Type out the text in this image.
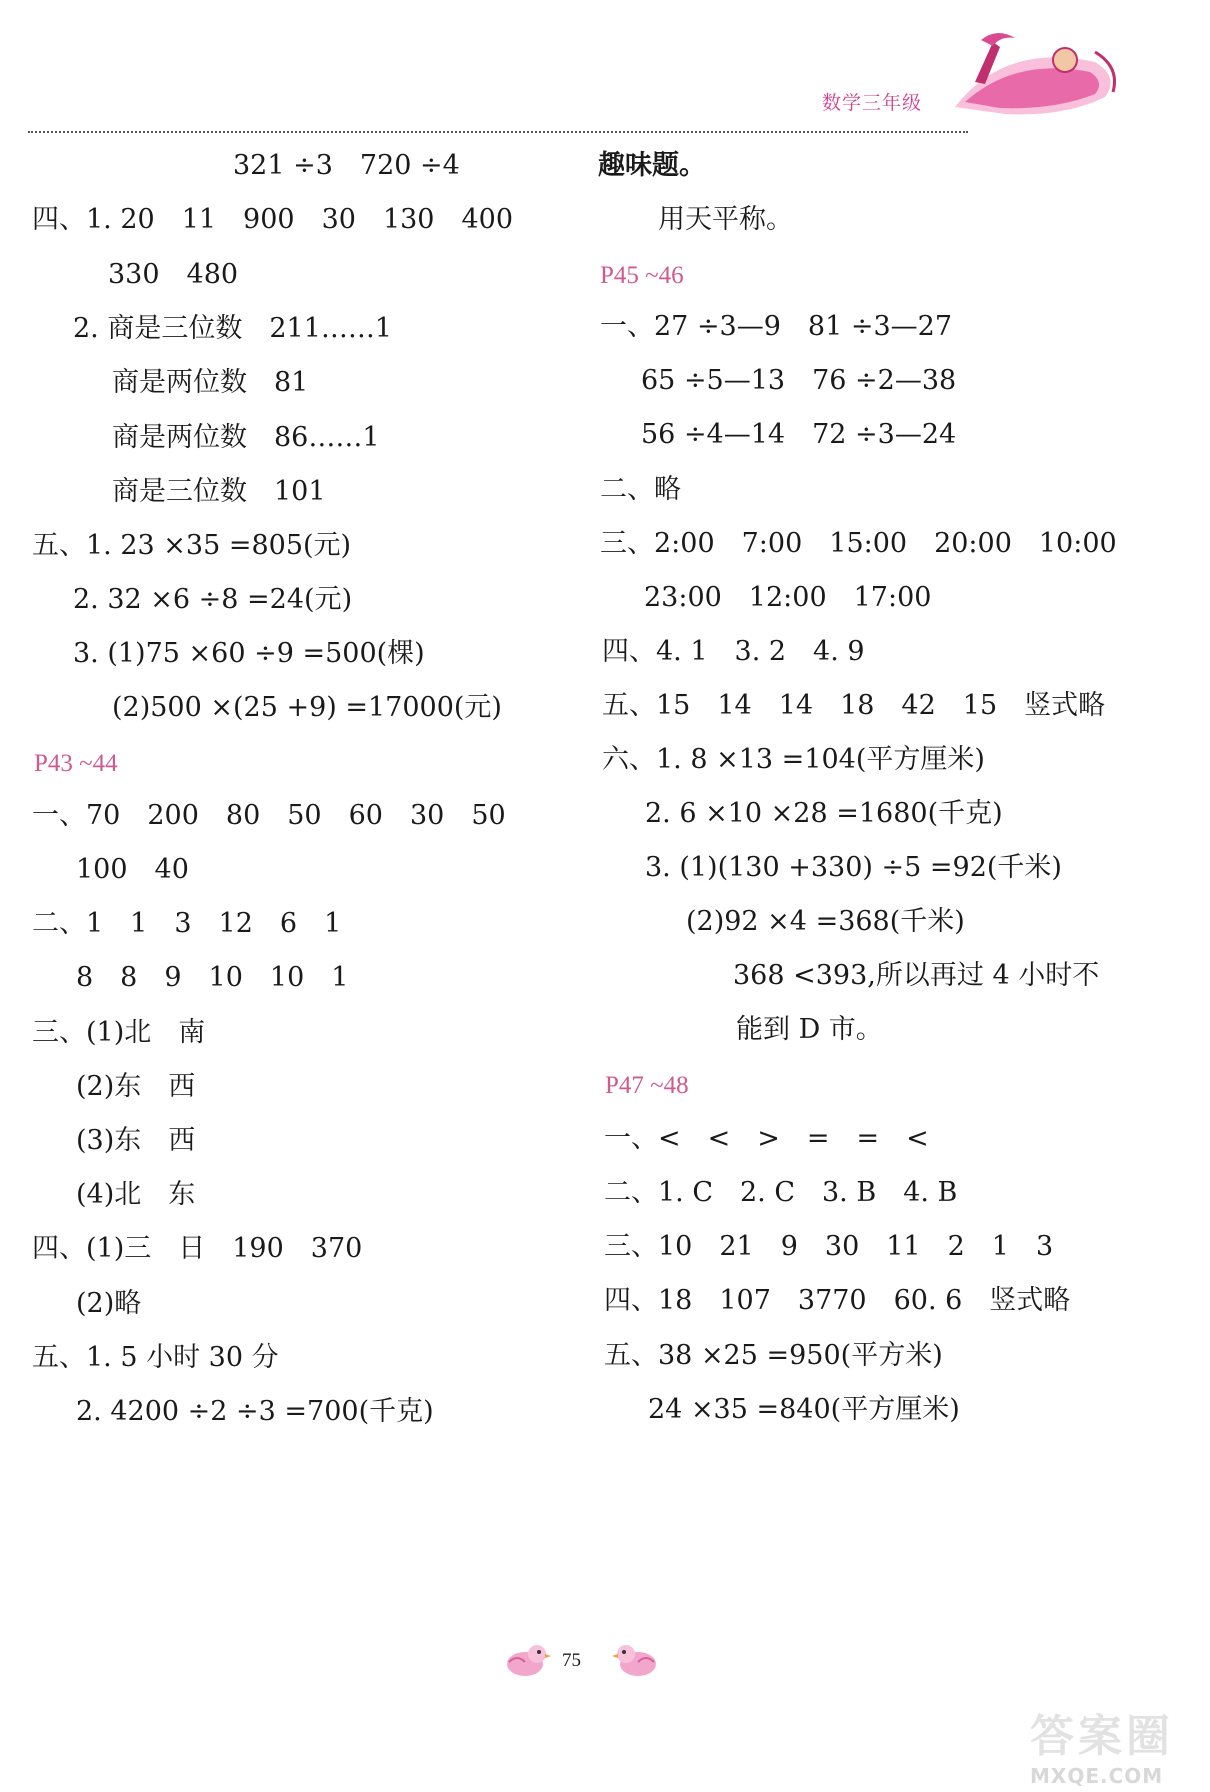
数学三年级
321 ÷3　720 ÷4
四、1. 20　11　900　30　130　400
330　480
2. 商是三位数　211……1
商是两位数　81
商是两位数　86……1
商是三位数　101
五、1. 23 ×35 =805(元)
2. 32 ×6 ÷8 =24(元)
3. (1)75 ×60 ÷9 =500(棵)
(2)500 ×(25 +9) =17000(元)
P43 ~44
一、70　200　80　50　60　30　50
100　40
二、1　1　3　12　6　1
8　8　9　10　10　1
三、(1)北　南
(2)东　西
(3)东　西
(4)北　东
四、(1)三　日　190　370
(2)略
五、1. 5 小时 30 分
2. 4200 ÷2 ÷3 =700(千克)
趣味题。
用天平称。
P45 ~46
一、27 ÷3—9　81 ÷3—27
65 ÷5—13　76 ÷2—38
56 ÷4—14　72 ÷3—24
二、略
三、2:00　7:00　15:00　20:00　10:00
23:00　12:00　17:00
四、4. 1　3. 2　4. 9
五、15　14　14　18　42　15　竖式略
六、1. 8 ×13 =104(平方厘米)
2. 6 ×10 ×28 =1680(千克)
3. (1)(130 +330) ÷5 =92(千米)
(2)92 ×4 =368(千米)
368 <393,所以再过 4 小时不
能到 D 市。
P47 ~48
一、<　<　>　=　=　<
二、1. C　2. C　3. B　4. B
三、10　21　9　30　11　2　1　3
四、18　107　3770　60. 6　竖式略
五、38 ×25 =950(平方米)
24 ×35 =840(平方厘米)
75
答案圈
MXQE.COM
